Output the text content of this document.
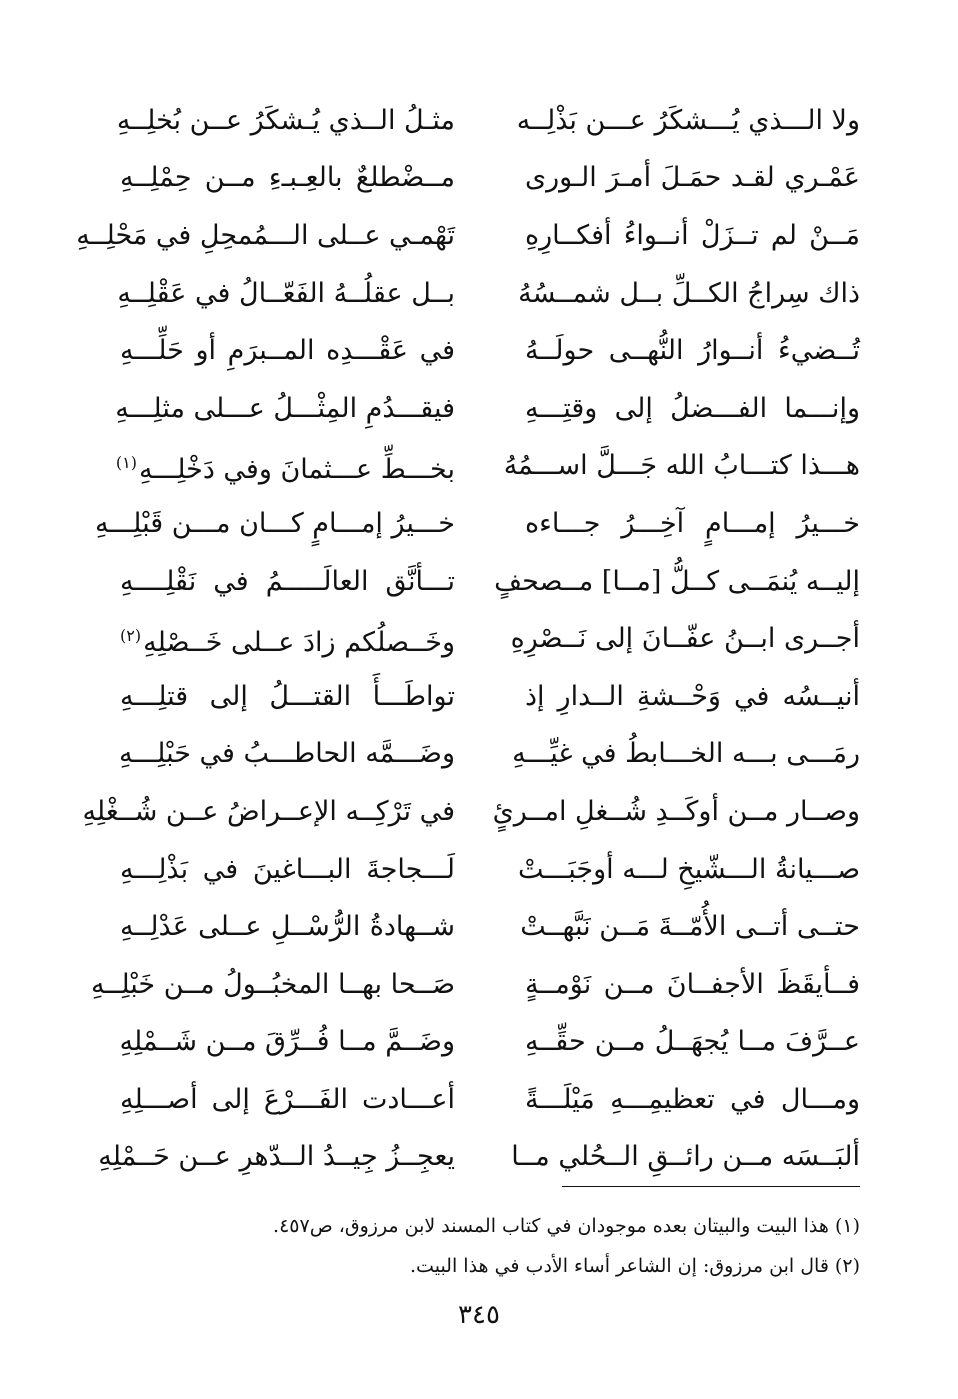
ولا الـــذي يُـــشكَرُ عـــن بَذْلِــه
مثـلُ الــذي يُـشكَرُ عــن بُخلِــهِ
عَمْـري لقـد حمَـلَ أمـرَ الـورى
مــضْطلعٌ بالعِـبـءِ مــن حِمْلِــهِ
مَــنْ لم تــزَلْ أنــواءُ أفكــارِهِ
تَهْمـي عــلى الـــمُمحِلِ في مَحْلِــهِ
ذاك سِراجُ الكــلِّ بــل شمــسُهُ
بــل عقلُــهُ الفَعّــالُ في عَقْلِــهِ
تُــضيءُ أنــوارُ النُّهــى حولَــهُ
في عَقْـــدِه المــبرَمِ أو حَلِّـــهِ
وإنـــما الفـــضلُ إلى وقتِـــهِ
فيقـــدُمِ المِثْـــلُ عـــلى مثلِـــهِ
هـــذا كتـــابُ الله جَـــلَّ اســـمُهُ
بخـــطِّ عـــثمانَ وفي دَخْلِـــهِ$^{(١)}$
خـــيرُ إمـــامٍ آخِـــرُ جـــاءه
خـــيرُ إمـــامٍ كـــان مـــن قَبْلِـــهِ
إليــه يُنمَــى كــلُّ [مــا] مــصحفٍ
تـــأنَّق العالَـــــمُ في نَقْلِــــهِ
أجــرى ابــنُ عفّــانَ إلى نَــصْرِهِ
وخَــصلُكم زادَ عــلى خَــصْلِهِ$^{(٢)}$
أنيــسُه في وَحْــشةِ الــدارِ إذ
تواطَـــأَ القتـــلُ إلى قتلِـــهِ
رمَـــى بـــه الخـــابطُ في غيِّـــهِ
وضَـــمَّه الحاطـــبُ في حَبْلِـــهِ
وصــار مــن أوكَــدِ شُــغلِ امــرئٍ
في تَرْكِــه الإعــراضُ عــن شُــغْلِهِ
صـــيانةُ الـــشّيخِ لـــه أوجَبَـــتْ
لَـــجاجةَ البـــاغينَ في بَذْلِـــهِ
حتــى أتــى الأُمّــةَ مَــن نَبَّهــتْ
شــهادةُ الرُّسْــلِ عــلى عَدْلِــهِ
فــأيقَظَ الأجفــانَ مــن نَوْمــةٍ
صَــحا بهــا المخبُــولُ مــن خَبْلِــهِ
عــرَّفَ مــا يُجهَــلُ مــن حقِّــهِ
وضَــمَّ مــا فُــرِّقَ مــن شَــمْلِهِ
ومـــال في تعظيمِـــهِ مَيْلَـــةً
أعـــادت الفَـــرْعَ إلى أصـــلِهِ
ألبَــسَه مــن رائــقِ الــحُلي مــا
يعجِــزُ جِيــدُ الــدّهرِ عــن حَــمْلِهِ
(١) هذا البيت والبيتان بعده موجودان في كتاب المسند لابن مرزوق، ص٤٥٧.
(٢) قال ابن مرزوق: إن الشاعر أساء الأدب في هذا البيت.
٣٤٥
